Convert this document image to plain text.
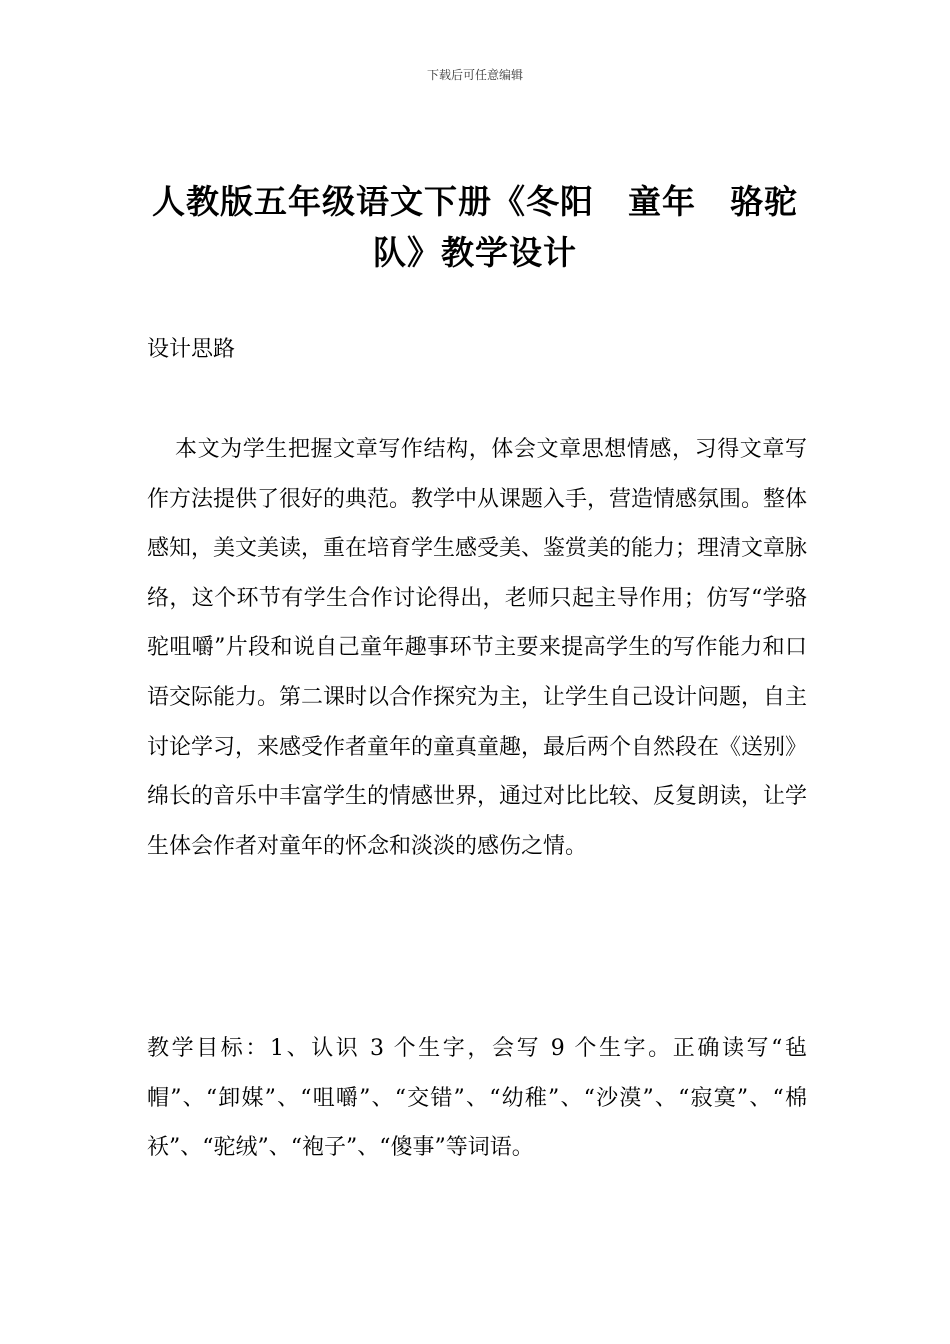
下载后可任意编辑
人教版五年级语文下册《冬阳　童年　骆驼队》教学设计
设计思路

本文为学生把握文章写作结构，体会文章思想情感，习得文章写作方法提供了很好的典范。教学中从课题入手，营造情感氛围。整体感知，美文美读，重在培育学生感受美、鉴赏美的能力；理清文章脉络，这个环节有学生合作讨论得出，老师只起主导作用；仿写“学骆驼咀嚼”片段和说自己童年趣事环节主要来提高学生的写作能力和口语交际能力。第二课时以合作探究为主，让学生自己设计问题，自主讨论学习，来感受作者童年的童真童趣，最后两个自然段在《送别》绵长的音乐中丰富学生的情感世界，通过对比比较、反复朗读，让学生体会作者对童年的怀念和淡淡的感伤之情。

教学目标：1、认识 3 个生字，会写 9 个生字。正确读写“毡帽”、“卸媒”、“咀嚼”、“交错”、“幼稚”、“沙漠”、“寂寞”、“棉袄”、“驼绒”、“袍子”、“傻事”等词语。
